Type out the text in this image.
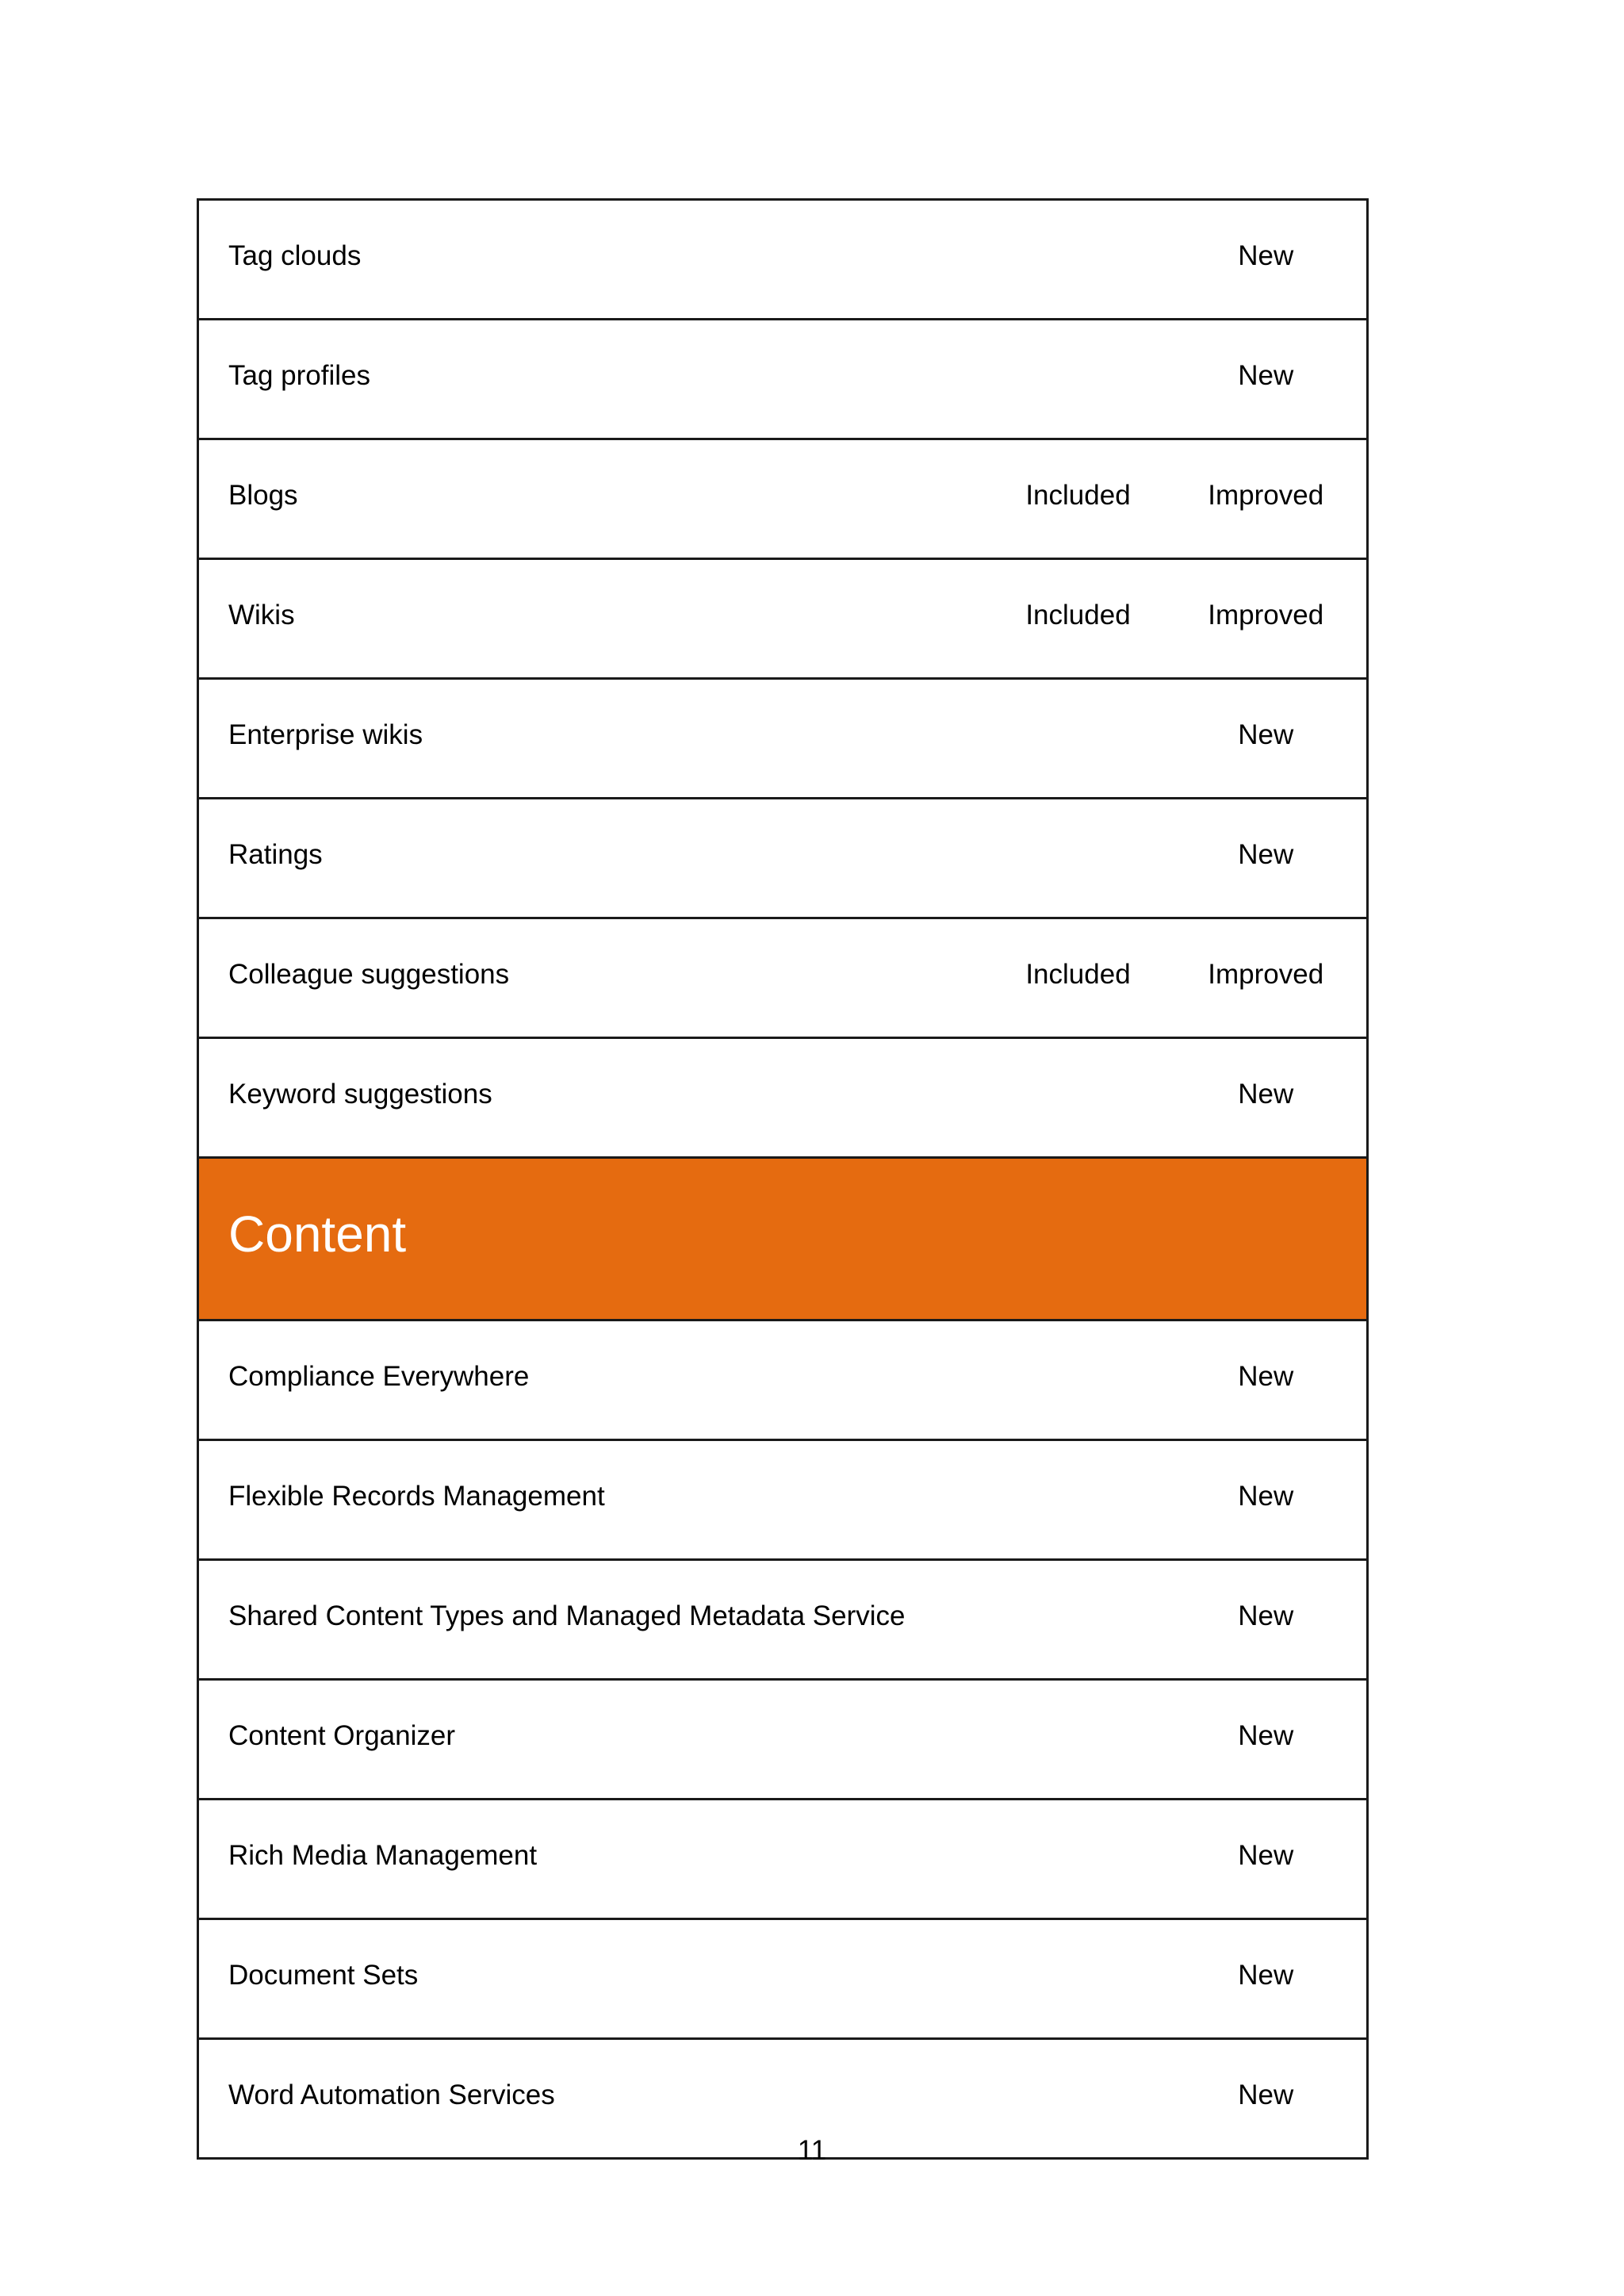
Tag clouds		New
Tag profiles		New
Blogs	Included	Improved
Wikis	Included	Improved
Enterprise wikis		New
Ratings		New
Colleague suggestions	Included	Improved
Keyword suggestions		New
Content		
Compliance Everywhere		New
Flexible Records Management		New
Shared Content Types and Managed Metadata Service		New
Content Organizer		New
Rich Media Management		New
Document Sets		New
Word Automation Services		New
11
